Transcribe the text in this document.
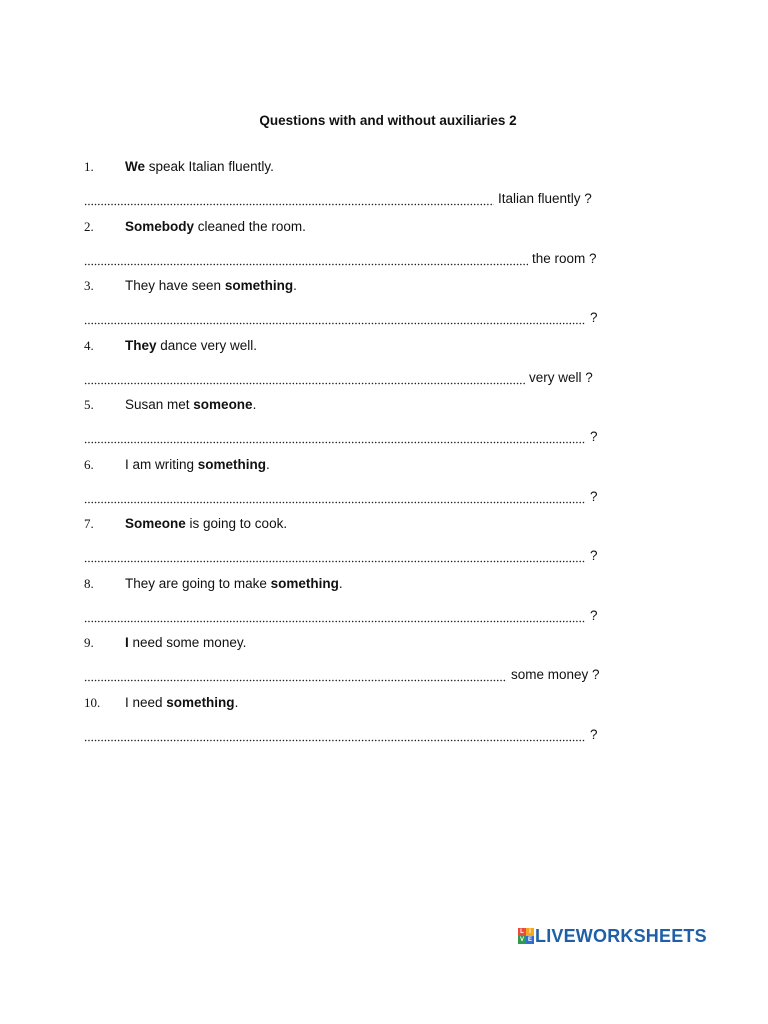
Questions with and without auxiliaries 2
1. We speak Italian fluently.
Italian fluently ?
2. Somebody cleaned the room.
the room ?
3. They have seen something.
?
4. They dance very well.
very well ?
5. Susan met someone.
?
6. I am writing something.
?
7. Someone is going to cook.
?
8. They are going to make something.
?
9. I need some money.
some money ?
10. I need something.
?
L I
V E LIVEWORKSHEETS
